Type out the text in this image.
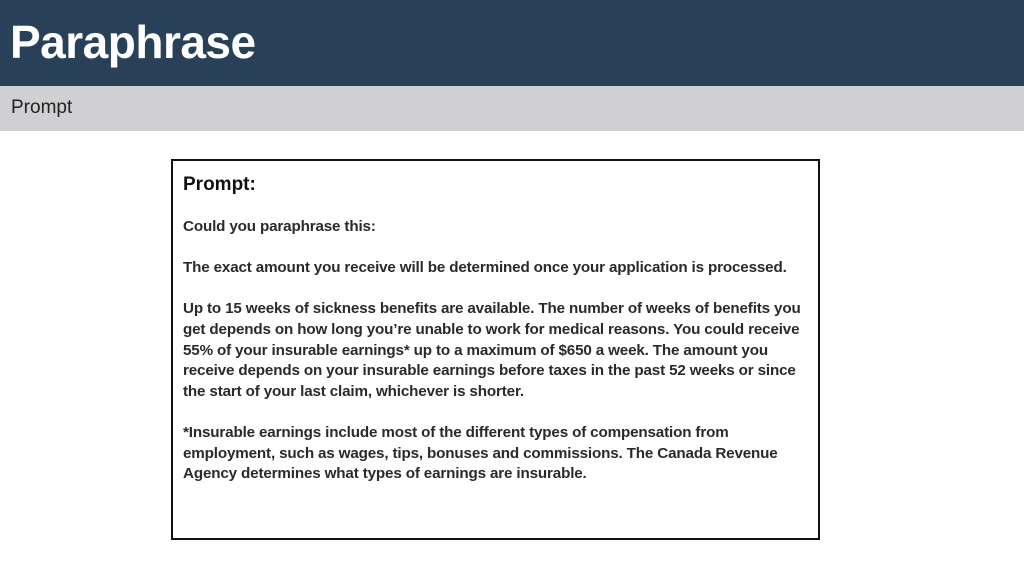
Paraphrase
Prompt
Prompt:

Could you paraphrase this:

The exact amount you receive will be determined once your application is processed.

Up to 15 weeks of sickness benefits are available. The number of weeks of benefits you get depends on how long you’re unable to work for medical reasons. You could receive 55% of your insurable earnings* up to a maximum of $650 a week. The amount you receive depends on your insurable earnings before taxes in the past 52 weeks or since the start of your last claim, whichever is shorter.

*Insurable earnings include most of the different types of compensation from employment, such as wages, tips, bonuses and commissions. The Canada Revenue Agency determines what types of earnings are insurable.
